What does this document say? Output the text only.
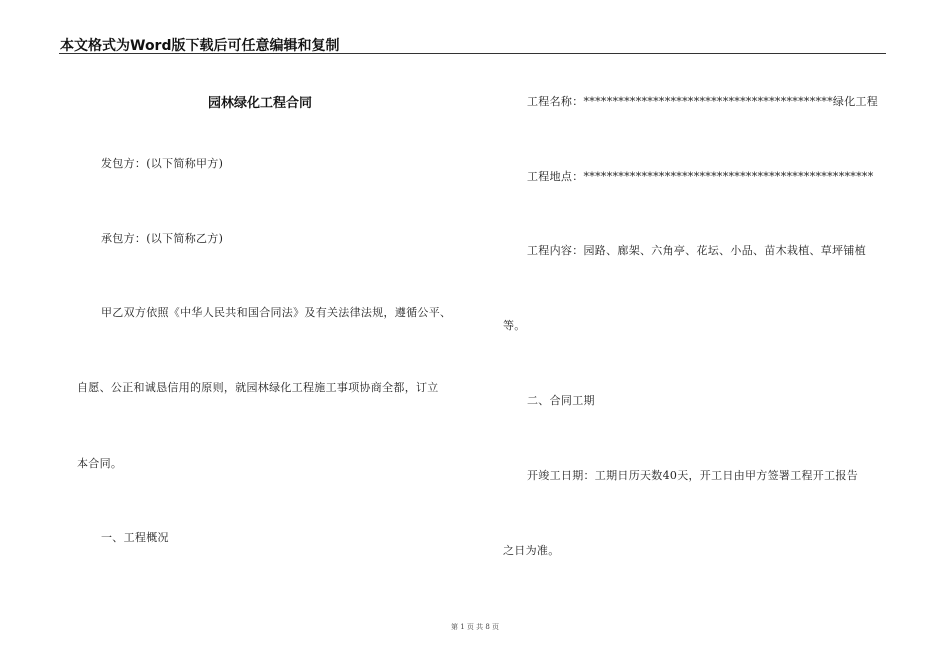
本文格式为Word版下载后可任意编辑和复制
园林绿化工程合同
发包方：(以下简称甲方)
承包方：(以下简称乙方)
甲乙双方依照《中华人民共和国合同法》及有关法律法规，遵循公平、
自愿、公正和诚恳信用的原则，就园林绿化工程施工事项协商全都，订立
本合同。
一、工程概况
工程名称：*******************************************绿化工程
工程地点：**************************************************
工程内容：园路、廊架、六角亭、花坛、小品、苗木栽植、草坪铺植
等。
二、合同工期
开竣工日期：工期日历天数40天，开工日由甲方签署工程开工报告
之日为准。
第 1 页 共 8 页
